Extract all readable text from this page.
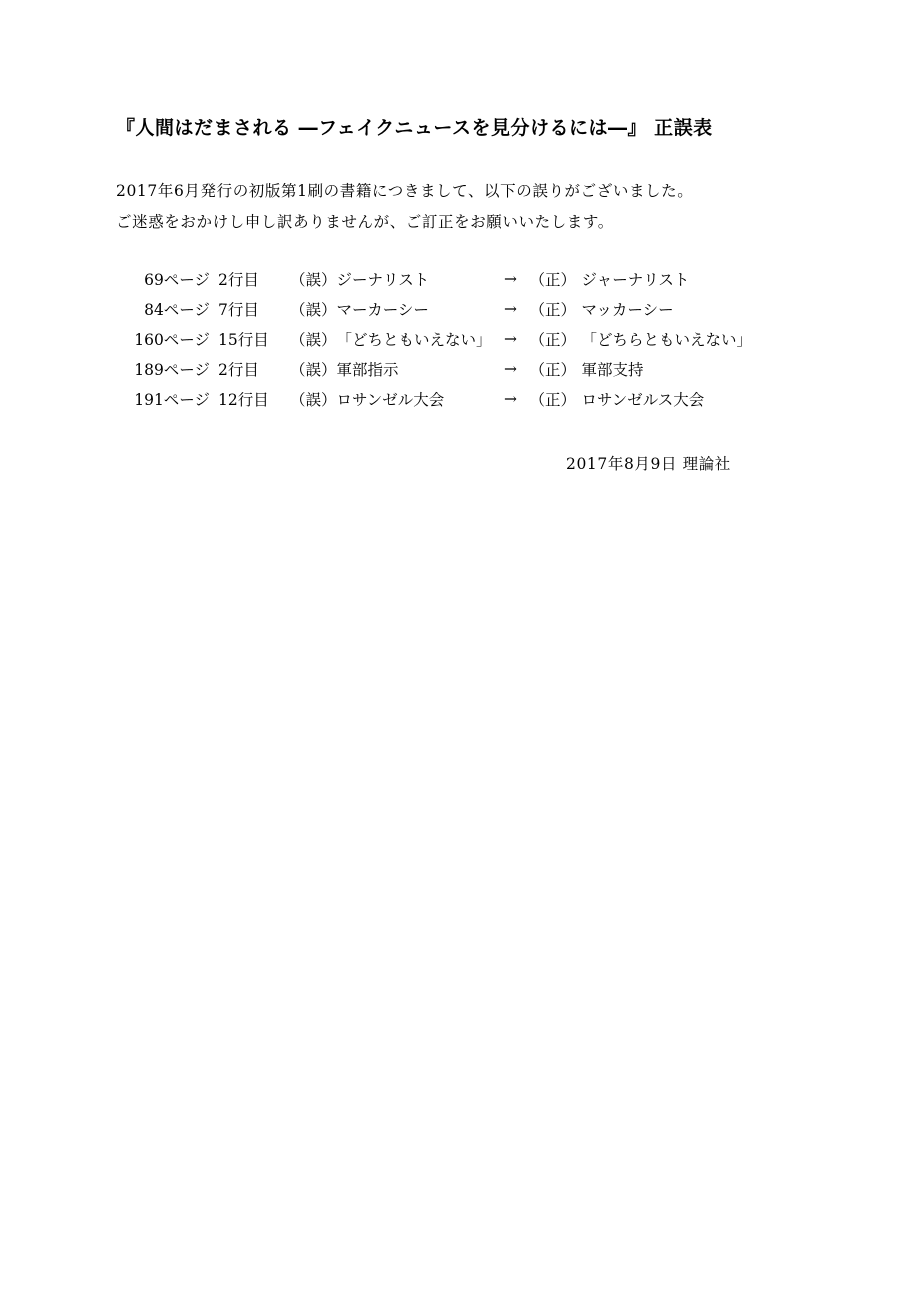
『人間はだまされる ―フェイクニュースを見分けるには―』 正誤表
2017年6月発行の初版第1刷の書籍につきまして、以下の誤りがございました。
ご迷惑をおかけし申し訳ありませんが、ご訂正をお願いいたします。
69ページ	2行目	（誤）	ジーナリスト	→	（正）	ジャーナリスト
84ページ	7行目	（誤）	マーカーシー	→	（正）	マッカーシー
160ページ	15行目	（誤）	「どちともいえない」	→	（正）	「どちらともいえない」
189ページ	2行目	（誤）	軍部指示	→	（正）	軍部支持
191ページ	12行目	（誤）	ロサンゼル大会	→	（正）	ロサンゼルス大会
2017年8月9日 理論社
